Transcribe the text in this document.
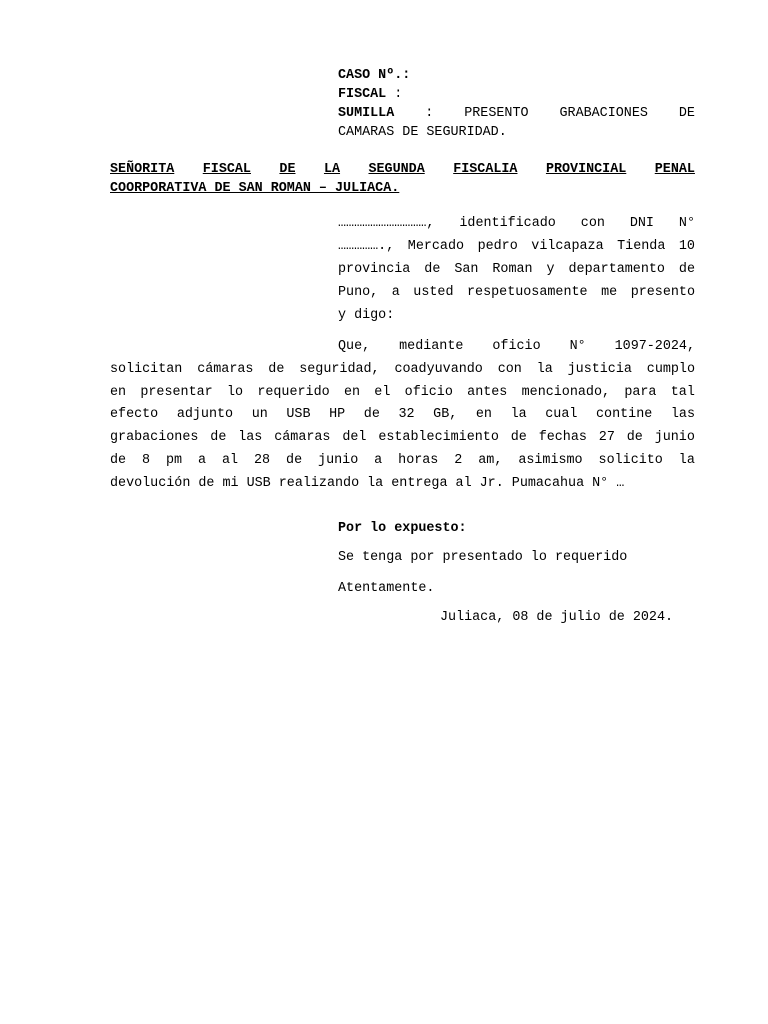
CASO Nº.:
FISCAL :
SUMILLA : PRESENTO GRABACIONES DE
CAMARAS DE SEGURIDAD.
SEÑORITA FISCAL DE LA SEGUNDA FISCALIA PROVINCIAL PENAL
COORPORATIVA DE SAN ROMAN – JULIACA.
……………………………, identificado con DNI N°
……………., Mercado pedro vilcapaza Tienda 10
provincia de San Roman y departamento de
Puno, a usted respetuosamente me presento
y digo:
Que, mediante oficio N° 1097-2024,
solicitan cámaras de seguridad, coadyuvando con la justicia cumplo
en presentar lo requerido en el oficio antes mencionado, para tal
efecto adjunto un USB HP de 32 GB, en la cual contine las
grabaciones de las cámaras del establecimiento de fechas 27 de junio
de 8 pm a al 28 de junio a horas 2 am, asimismo solicito la
devolución de mi USB realizando la entrega al Jr. Pumacahua N° …
Por lo expuesto:
Se tenga por presentado lo requerido
Atentamente.
Juliaca, 08 de julio de 2024.
